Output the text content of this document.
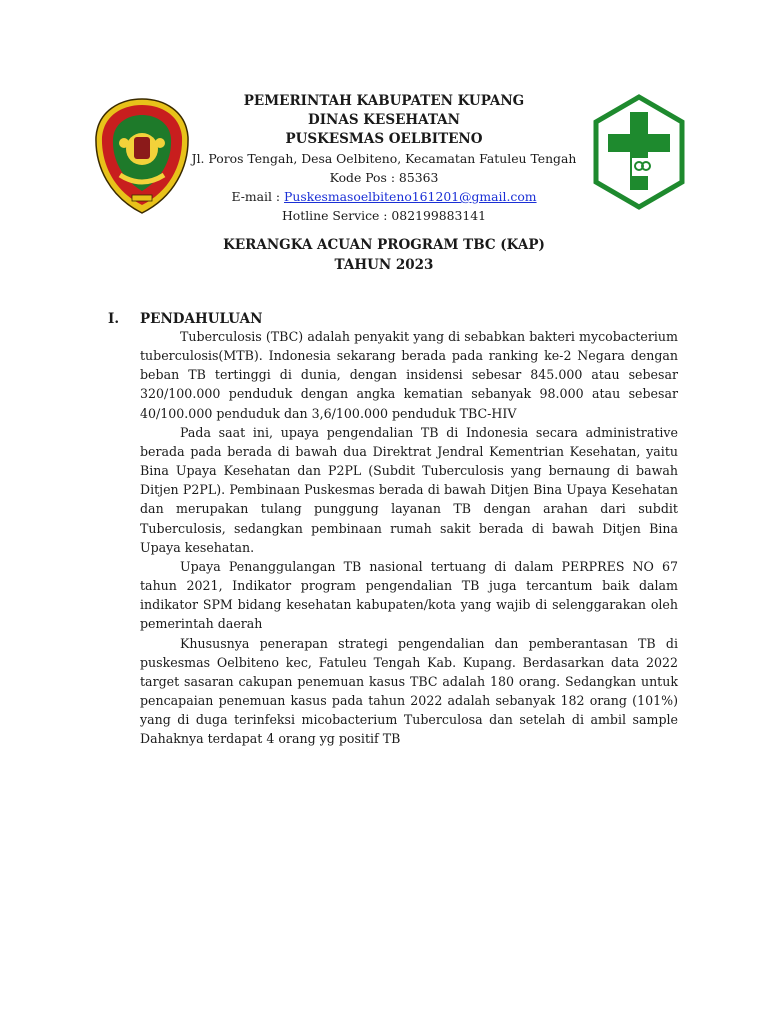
PEMERINTAH KABUPATEN KUPANG
DINAS KESEHATAN
PUSKESMAS OELBITENO
Jl. Poros Tengah, Desa Oelbiteno, Kecamatan Fatuleu Tengah
Kode Pos : 85363
E-mail : Puskesmasoelbiteno161201@gmail.com
Hotline Service : 082199883141
KERANGKA ACUAN PROGRAM TBC (KAP)
TAHUN 2023
I. PENDAHULUAN

Tuberculosis (TBC) adalah penyakit yang di sebabkan bakteri mycobacterium tuberculosis(MTB). Indonesia sekarang berada pada ranking ke-2 Negara dengan beban TB tertinggi di dunia, dengan insidensi sebesar 845.000 atau sebesar 320/100.000 penduduk dengan angka kematian sebanyak 98.000 atau sebesar 40/100.000 penduduk dan 3,6/100.000 penduduk TBC-HIV

Pada saat ini, upaya pengendalian TB di Indonesia secara administrative berada pada berada di bawah dua Direktrat Jendral Kementrian Kesehatan, yaitu Bina Upaya Kesehatan dan P2PL (Subdit Tuberculosis yang bernaung di bawah Ditjen P2PL). Pembinaan Puskesmas berada di bawah Ditjen Bina Upaya Kesehatan dan merupakan tulang punggung layanan TB dengan arahan dari subdit Tuberculosis, sedangkan pembinaan rumah sakit berada di bawah Ditjen Bina Upaya kesehatan.

Upaya Penanggulangan TB nasional tertuang di dalam PERPRES NO 67 tahun 2021, Indikator program pengendalian TB juga tercantum baik dalam indikator SPM bidang kesehatan kabupaten/kota yang wajib di selenggarakan oleh pemerintah daerah

Khususnya penerapan strategi pengendalian dan pemberantasan TB di puskesmas Oelbiteno kec, Fatuleu Tengah Kab. Kupang. Berdasarkan data 2022 target sasaran cakupan penemuan kasus TBC adalah 180 orang. Sedangkan untuk pencapaian penemuan kasus pada tahun 2022 adalah sebanyak 182 orang (101%) yang di duga terinfeksi micobacterium Tuberculosa dan setelah di ambil sample Dahaknya terdapat 4 orang yg positif TB
